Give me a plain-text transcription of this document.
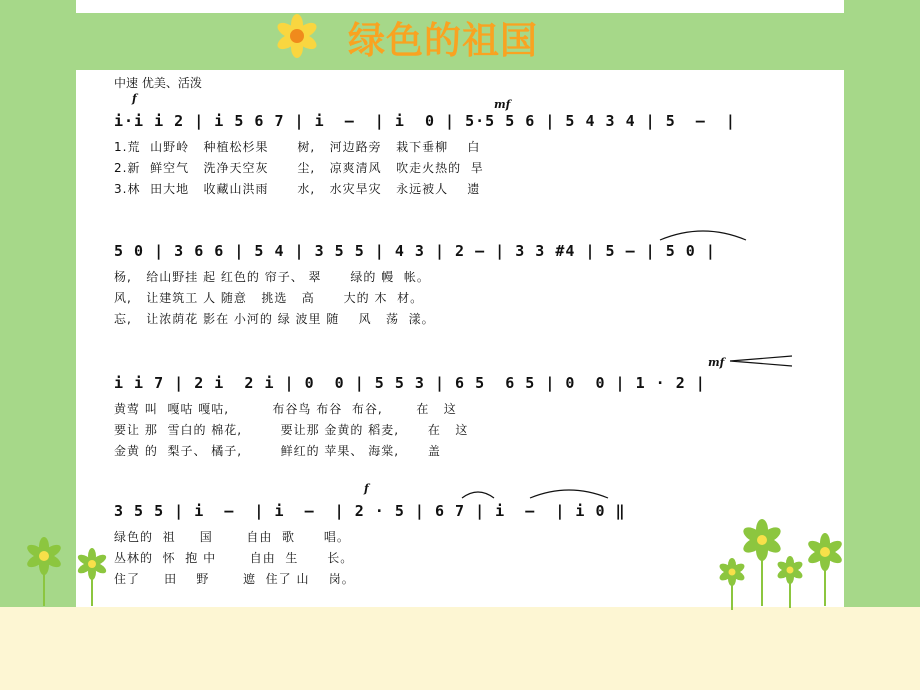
绿色的祖国
中速 优美、活泼
f	mf
i·i i 2 | i 5 6 7 | i  –  | i  0 | 5·5 5 6 | 5 4 3 4 | 5  –  |
1.荒  山野岭   种植松杉果      树,   河边路旁   栽下垂柳    白
2.新  鲜空气   洗净天空灰      尘,   凉爽清风   吹走火热的  旱
3.林  田大地   收藏山洪雨      水,   水灾旱灾   永远被人    遗
5 0 | 3 6 6 | 5 4 | 3 5 5 | 4 3 | 2 – | 3 3 #4 | 5 – | 5 0 |
杨,   给山野挂 起 红色的 帘子、 翠      绿的 幔  帐。
风,   让建筑工 人 随意   挑选   高      大的 木  材。
忘,   让浓荫花 影在 小河的 绿 波里 随    风   荡  漾。
mf
i i 7 | 2 i  2 i | 0  0 | 5 5 3 | 6 5  6 5 | 0  0 | 1 · 2 |
黄莺 叫  嘎咕 嘎咕,         布谷鸟 布谷  布谷,       在   这
要让 那  雪白的 棉花,        要让那 金黄的 稻麦,      在   这
金黄 的  梨子、 橘子,        鲜红的 苹果、 海棠,      盖
f
3 5 5 | i  –  | i  –  | 2 · 5 | 6 7 | i  –  | i 0 ‖
绿色的  祖     国       自由  歌      唱。
丛林的  怀  抱 中       自由  生      长。
住了     田    野       遮  住了 山    岗。
